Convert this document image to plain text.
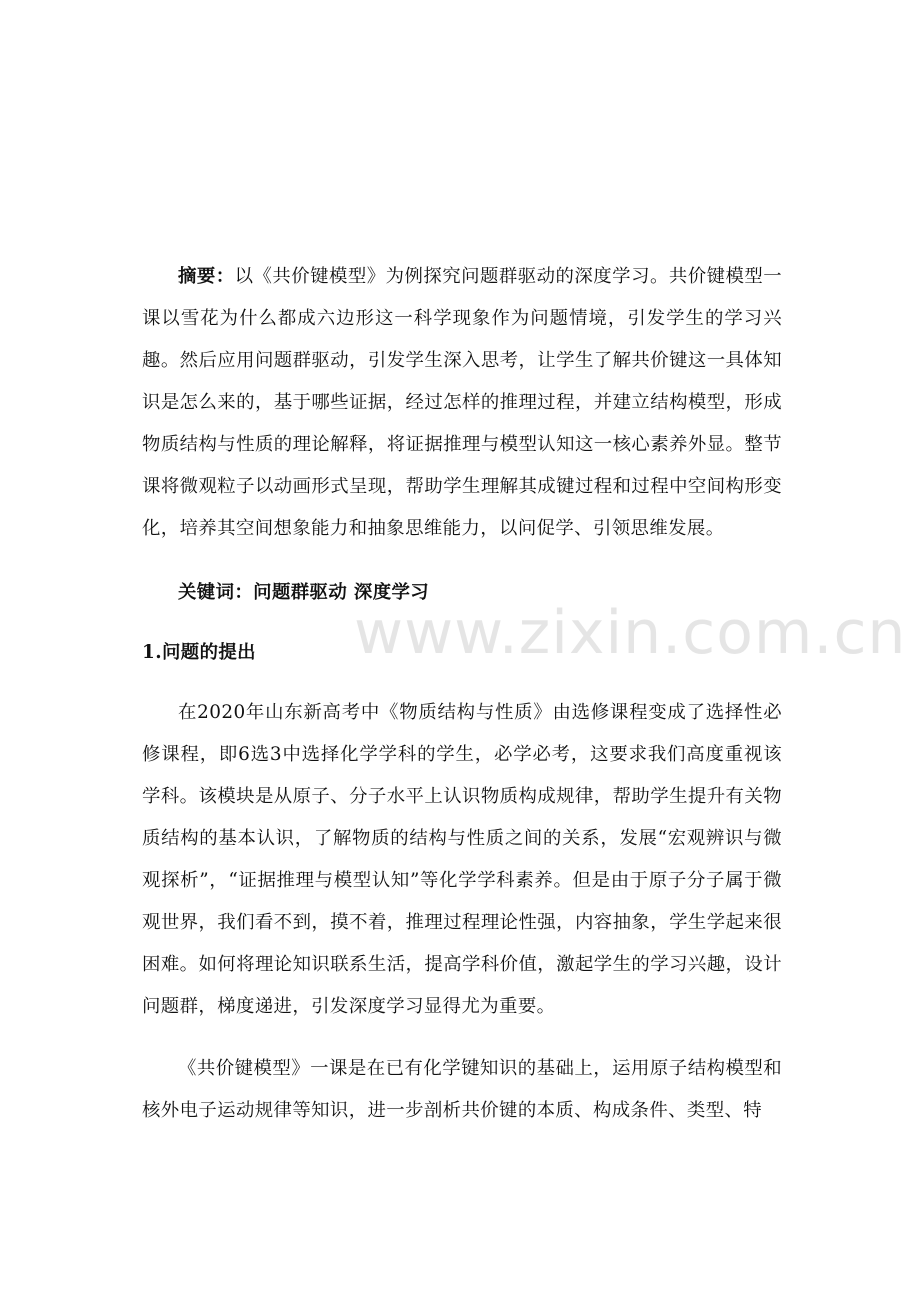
摘要：以《共价键模型》为例探究问题群驱动的深度学习。共价键模型一课以雪花为什么都成六边形这一科学现象作为问题情境，引发学生的学习兴趣。然后应用问题群驱动，引发学生深入思考，让学生了解共价键这一具体知识是怎么来的，基于哪些证据，经过怎样的推理过程，并建立结构模型，形成物质结构与性质的理论解释，将证据推理与模型认知这一核心素养外显。整节课将微观粒子以动画形式呈现，帮助学生理解其成键过程和过程中空间构形变化，培养其空间想象能力和抽象思维能力，以问促学、引领思维发展。

关键词：问题群驱动 深度学习

1.问题的提出

在2020年山东新高考中《物质结构与性质》由选修课程变成了选择性必修课程，即6选3中选择化学学科的学生，必学必考，这要求我们高度重视该学科。该模块是从原子、分子水平上认识物质构成规律，帮助学生提升有关物质结构的基本认识，了解物质的结构与性质之间的关系，发展“宏观辨识与微观探析”，“证据推理与模型认知”等化学学科素养。但是由于原子分子属于微观世界，我们看不到，摸不着，推理过程理论性强，内容抽象，学生学起来很困难。如何将理论知识联系生活，提高学科价值，激起学生的学习兴趣，设计问题群，梯度递进，引发深度学习显得尤为重要。

《共价键模型》一课是在已有化学键知识的基础上，运用原子结构模型和核外电子运动规律等知识，进一步剖析共价键的本质、构成条件、类型、特

www.zixin.com.cn
